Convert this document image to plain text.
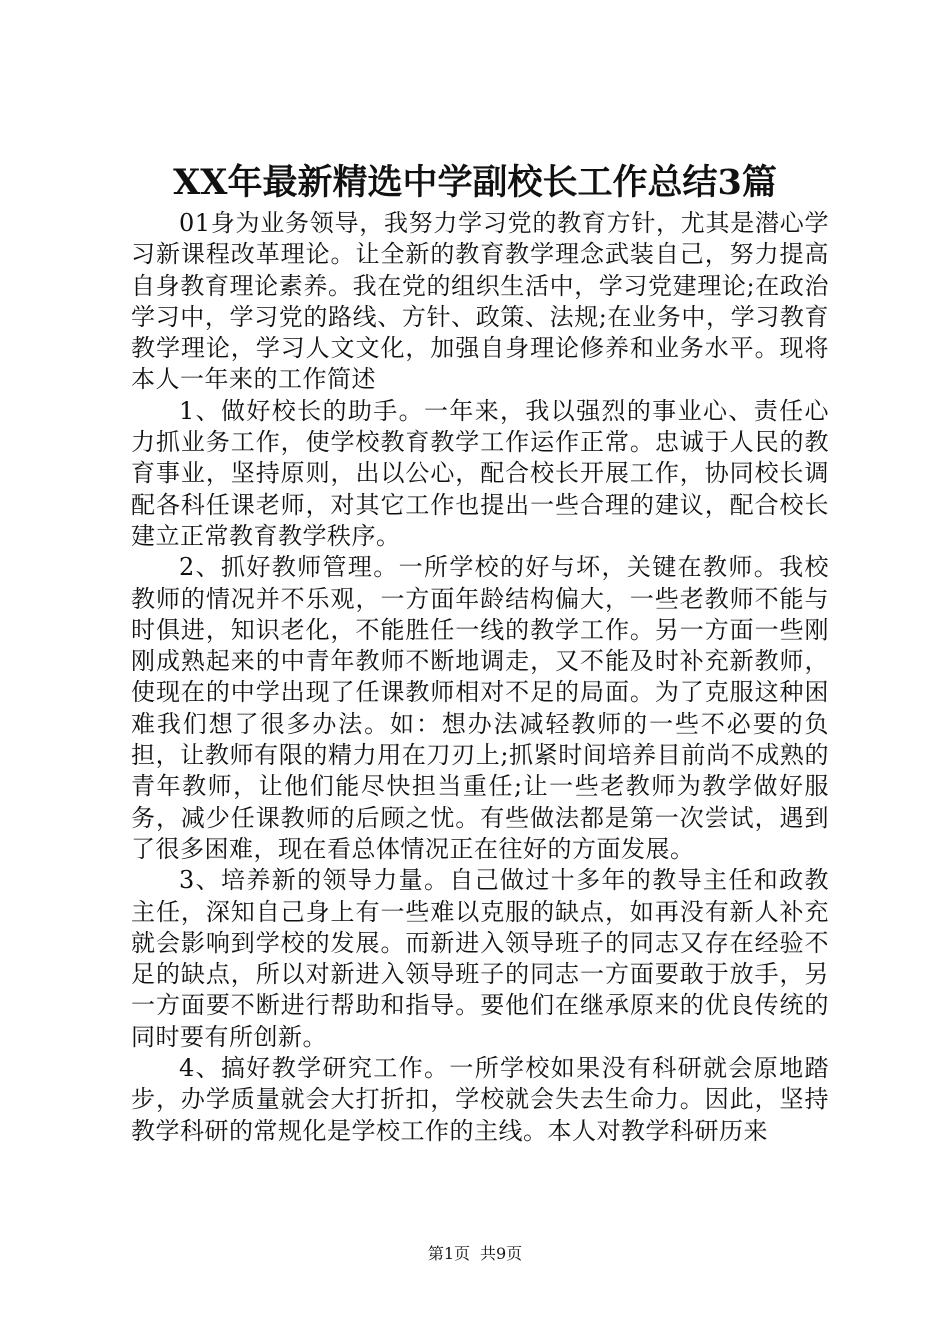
XX年最新精选中学副校长工作总结3篇

01身为业务领导，我努力学习党的教育方针，尤其是潜心学习新课程改革理论。让全新的教育教学理念武装自己，努力提高自身教育理论素养。我在党的组织生活中，学习党建理论;在政治学习中，学习党的路线、方针、政策、法规;在业务中，学习教育教学理论，学习人文文化，加强自身理论修养和业务水平。现将本人一年来的工作简述

1、做好校长的助手。一年来，我以强烈的事业心、责任心力抓业务工作，使学校教育教学工作运作正常。忠诚于人民的教育事业，坚持原则，出以公心，配合校长开展工作，协同校长调配各科任课老师，对其它工作也提出一些合理的建议，配合校长建立正常教育教学秩序。

2、抓好教师管理。一所学校的好与坏，关键在教师。我校教师的情况并不乐观，一方面年龄结构偏大，一些老教师不能与时俱进，知识老化，不能胜任一线的教学工作。另一方面一些刚刚成熟起来的中青年教师不断地调走，又不能及时补充新教师，使现在的中学出现了任课教师相对不足的局面。为了克服这种困难我们想了很多办法。如：想办法减轻教师的一些不必要的负担，让教师有限的精力用在刀刃上;抓紧时间培养目前尚不成熟的青年教师，让他们能尽快担当重任;让一些老教师为教学做好服务，减少任课教师的后顾之忧。有些做法都是第一次尝试，遇到了很多困难，现在看总体情况正在往好的方面发展。

3、培养新的领导力量。自己做过十多年的教导主任和政教主任，深知自己身上有一些难以克服的缺点，如再没有新人补充就会影响到学校的发展。而新进入领导班子的同志又存在经验不足的缺点，所以对新进入领导班子的同志一方面要敢于放手，另一方面要不断进行帮助和指导。要他们在继承原来的优良传统的同时要有所创新。

4、搞好教学研究工作。一所学校如果没有科研就会原地踏步，办学质量就会大打折扣，学校就会失去生命力。因此，坚持教学科研的常规化是学校工作的主线。本人对教学科研历来

第1页 共9页
